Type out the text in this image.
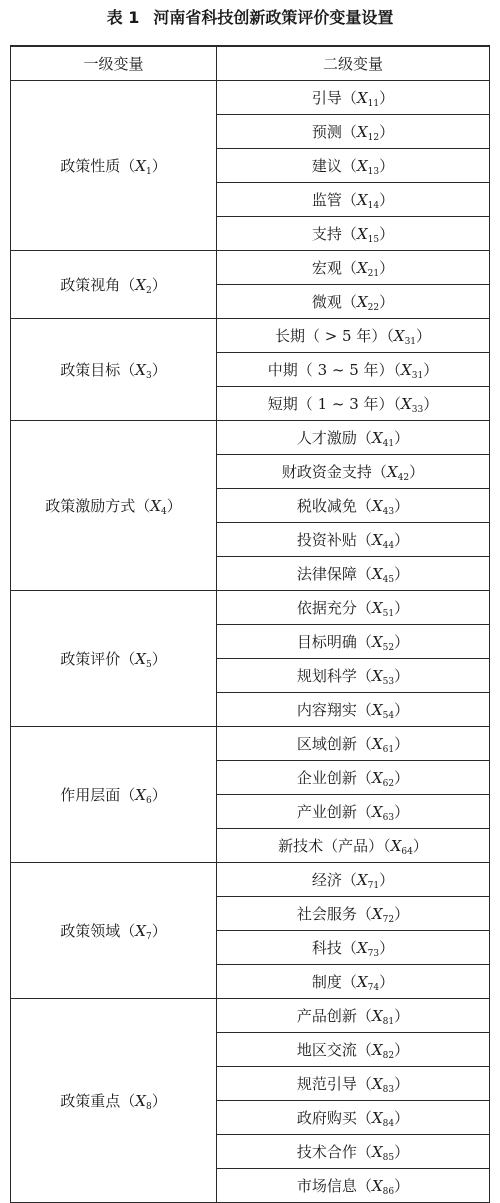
表 1 河南省科技创新政策评价变量设置
一级变量	二级变量
政策性质$(X_1)$	引导$(X_{11})$
	预测$(X_{12})$
	建议$(X_{13})$
	监管$(X_{14})$
	支持$(X_{15})$
政策视角$(X_2)$	宏观$(X_{21})$
	微观$(X_{22})$
政策目标$(X_3)$	长期（ > 5 年）$(X_{31})$
	中期（ 3 ~ 5 年）$(X_{31})$
	短期（ 1 ~ 3 年）$(X_{33})$
政策激励方式$(X_4)$	人才激励$(X_{41})$
	财政资金支持$(X_{42})$
	税收减免$(X_{43})$
	投资补贴$(X_{44})$
	法律保障$(X_{45})$
政策评价$(X_5)$	依据充分$(X_{51})$
	目标明确$(X_{52})$
	规划科学$(X_{53})$
	内容翔实$(X_{54})$
作用层面$(X_6)$	区域创新$(X_{61})$
	企业创新$(X_{62})$
	产业创新$(X_{63})$
	新技术（产品）$(X_{64})$
政策领域$(X_7)$	经济$(X_{71})$
	社会服务$(X_{72})$
	科技$(X_{73})$
	制度$(X_{74})$
政策重点$(X_8)$	产品创新$(X_{81})$
	地区交流$(X_{82})$
	规范引导$(X_{83})$
	政府购买$(X_{84})$
	技术合作$(X_{85})$
	市场信息$(X_{86})$
